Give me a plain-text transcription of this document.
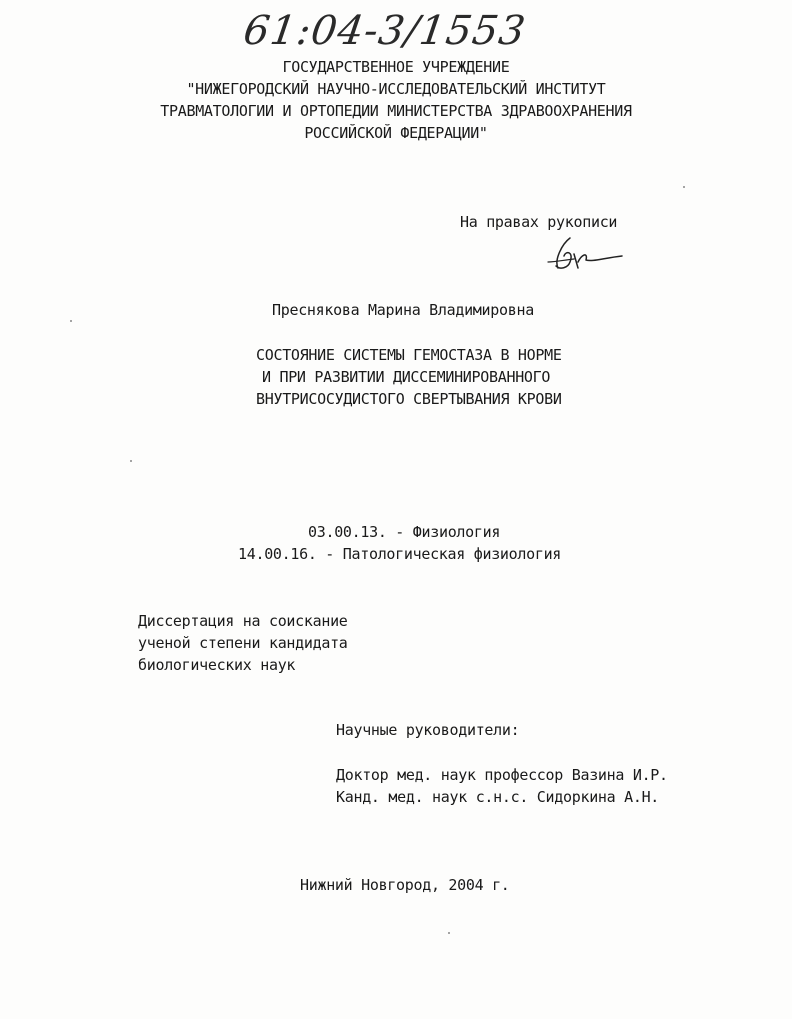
61:04-3/1553
ГОСУДАРСТВЕННОЕ УЧРЕЖДЕНИЕ
"НИЖЕГОРОДСКИЙ НАУЧНО-ИССЛЕДОВАТЕЛЬСКИЙ ИНСТИТУТ
ТРАВМАТОЛОГИИ И ОРТОПЕДИИ МИНИСТЕРСТВА ЗДРАВООХРАНЕНИЯ
РОССИЙСКОЙ ФЕДЕРАЦИИ"
На правах рукописи
Преснякова Марина Владимировна
СОСТОЯНИЕ СИСТЕМЫ ГЕМОСТАЗА В НОРМЕ
И ПРИ РАЗВИТИИ ДИССЕМИНИРОВАННОГО
ВНУТРИСОСУДИСТОГО СВЕРТЫВАНИЯ КРОВИ
03.00.13. - Физиология
14.00.16. - Патологическая физиология
Диссертация на соискание
ученой степени кандидата
биологических наук
Научные руководители:
Доктор мед. наук профессор Вазина И.Р.
Канд. мед. наук с.н.с. Сидоркина А.Н.
Нижний Новгород, 2004 г.
